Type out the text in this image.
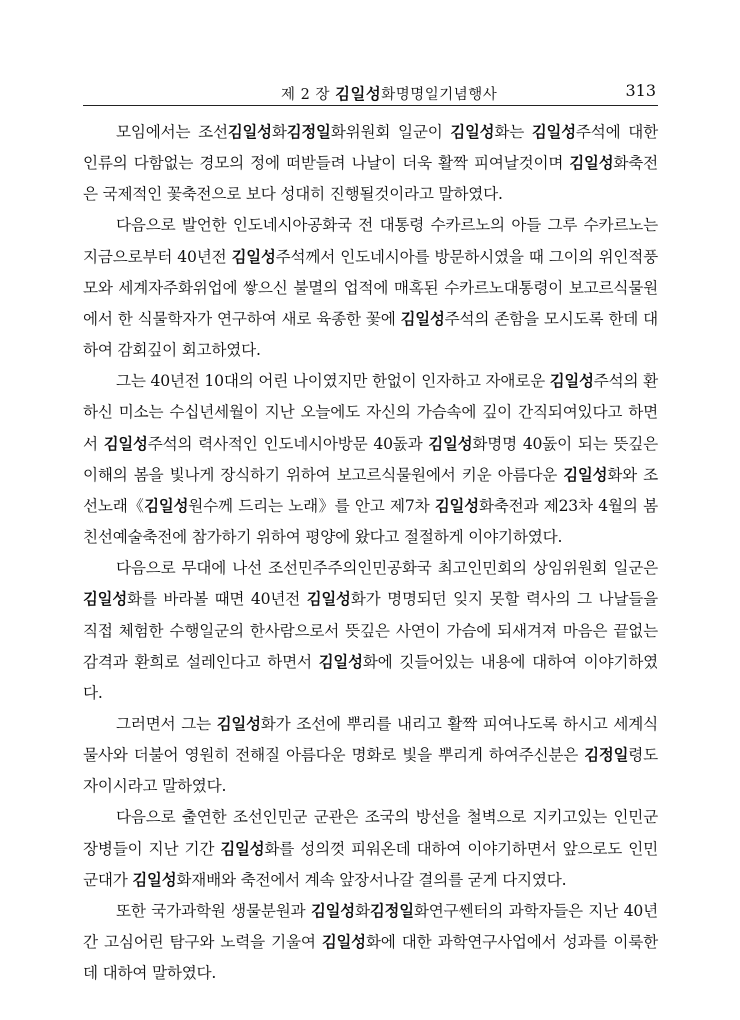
제 2 장 김일성화명명일기념행사	313

모임에서는 조선김일성화김정일화위원회 일군이 김일성화는 김일성주석에 대한 인류의 다함없는 경모의 정에 떠받들려 나날이 더욱 활짝 피여날것이며 김일성화축전은 국제적인 꽃축전으로 보다 성대히 진행될것이라고 말하였다.

다음으로 발언한 인도네시아공화국 전 대통령 수카르노의 아들 그루 수카르노는 지금으로부터 40년전 김일성주석께서 인도네시아를 방문하시였을 때 그이의 위인적풍모와 세계자주화위업에 쌓으신 불멸의 업적에 매혹된 수카르노대통령이 보고르식물원에서 한 식물학자가 연구하여 새로 육종한 꽃에 김일성주석의 존함을 모시도록 한데 대하여 감회깊이 회고하였다.

그는 40년전 10대의 어린 나이였지만 한없이 인자하고 자애로운 김일성주석의 환하신 미소는 수십년세월이 지난 오늘에도 자신의 가슴속에 깊이 간직되여있다고 하면서 김일성주석의 력사적인 인도네시아방문 40돐과 김일성화명명 40돐이 되는 뜻깊은 이해의 봄을 빛나게 장식하기 위하여 보고르식물원에서 키운 아름다운 김일성화와 조선노래《김일성원수께 드리는 노래》를 안고 제7차 김일성화축전과 제23차 4월의 봄 친선예술축전에 참가하기 위하여 평양에 왔다고 절절하게 이야기하였다.

다음으로 무대에 나선 조선민주주의인민공화국 최고인민회의 상임위원회 일군은 김일성화를 바라볼 때면 40년전 김일성화가 명명되던 잊지 못할 력사의 그 나날들을 직접 체험한 수행일군의 한사람으로서 뜻깊은 사연이 가슴에 되새겨져 마음은 끝없는 감격과 환희로 설레인다고 하면서 김일성화에 깃들어있는 내용에 대하여 이야기하였다.

그러면서 그는 김일성화가 조선에 뿌리를 내리고 활짝 피여나도록 하시고 세계식물사와 더불어 영원히 전해질 아름다운 명화로 빛을 뿌리게 하여주신분은 김정일령도자이시라고 말하였다.

다음으로 출연한 조선인민군 군관은 조국의 방선을 철벽으로 지키고있는 인민군장병들이 지난 기간 김일성화를 성의껏 피워온데 대하여 이야기하면서 앞으로도 인민군대가 김일성화재배와 축전에서 계속 앞장서나갈 결의를 굳게 다지였다.

또한 국가과학원 생물분원과 김일성화김정일화연구쎈터의 과학자들은 지난 40년간 고심어린 탐구와 노력을 기울여 김일성화에 대한 과학연구사업에서 성과를 이룩한데 대하여 말하였다.
